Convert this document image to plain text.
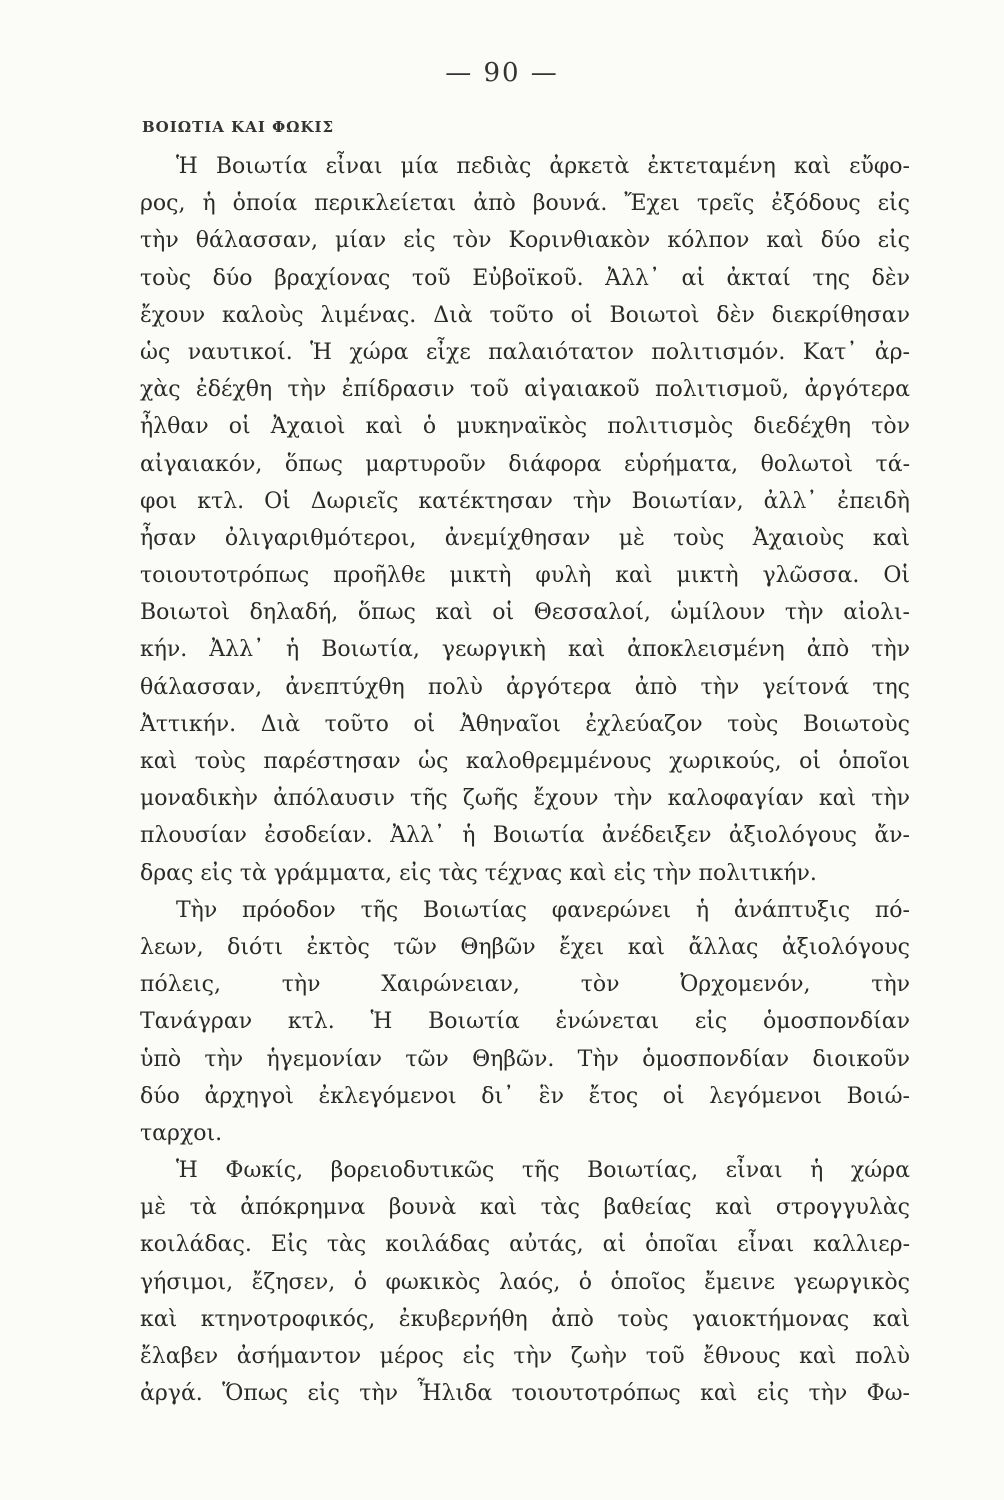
— 90 —
ΒΟΙΩΤΙΑ ΚΑΙ ΦΩΚΙΣ
Ἡ Βοιωτία εἶναι μία πεδιὰς ἀρκετὰ ἐκτεταμένη καὶ εὔφο-
ρος, ἡ ὁποία περικλείεται ἀπὸ βουνά. Ἔχει τρεῖς ἐξόδους εἰς
τὴν θάλασσαν, μίαν εἰς τὸν Κορινθιακὸν κόλπον καὶ δύο εἰς
τοὺς δύο βραχίονας τοῦ Εὐβοϊκοῦ. Ἀλλ᾽ αἱ ἀκταί της δὲν
ἔχουν καλοὺς λιμένας. Διὰ τοῦτο οἱ Βοιωτοὶ δὲν διεκρίθησαν
ὡς ναυτικοί. Ἡ χώρα εἶχε παλαιότατον πολιτισμόν. Κατ᾽ ἀρ-
χὰς ἐδέχθη τὴν ἐπίδρασιν τοῦ αἰγαιακοῦ πολιτισμοῦ, ἀργότερα
ἦλθαν οἱ Ἀχαιοὶ καὶ ὁ μυκηναϊκὸς πολιτισμὸς διεδέχθη τὸν
αἰγαιακόν, ὅπως μαρτυροῦν διάφορα εὑρήματα, θολωτοὶ τά-
φοι κτλ. Οἱ Δωριεῖς κατέκτησαν τὴν Βοιωτίαν, ἀλλ᾽ ἐπειδὴ
ἦσαν ὀλιγαριθμότεροι, ἀνεμίχθησαν μὲ τοὺς Ἀχαιοὺς καὶ
τοιουτοτρόπως προῆλθε μικτὴ φυλὴ καὶ μικτὴ γλῶσσα. Οἱ
Βοιωτοὶ δηλαδή, ὅπως καὶ οἱ Θεσσαλοί, ὡμίλουν τὴν αἰολι-
κήν. Ἀλλ᾽ ἡ Βοιωτία, γεωργικὴ καὶ ἀποκλεισμένη ἀπὸ τὴν
θάλασσαν, ἀνεπτύχθη πολὺ ἀργότερα ἀπὸ τὴν γείτονά της
Ἀττικήν. Διὰ τοῦτο οἱ Ἀθηναῖοι ἐχλεύαζον τοὺς Βοιωτοὺς
καὶ τοὺς παρέστησαν ὡς καλοθρεμμένους χωρικούς, οἱ ὁποῖοι
μοναδικὴν ἀπόλαυσιν τῆς ζωῆς ἔχουν τὴν καλοφαγίαν καὶ τὴν
πλουσίαν ἐσοδείαν. Ἀλλ᾽ ἡ Βοιωτία ἀνέδειξεν ἀξιολόγους ἄν-
δρας εἰς τὰ γράμματα, εἰς τὰς τέχνας καὶ εἰς τὴν πολιτικήν.
Τὴν πρόοδον τῆς Βοιωτίας φανερώνει ἡ ἀνάπτυξις πό-
λεων, διότι ἐκτὸς τῶν Θηβῶν ἔχει καὶ ἄλλας ἀξιολόγους
πόλεις, τὴν Χαιρώνειαν, τὸν Ὀρχομενόν, τὴν
Τανάγραν κτλ. Ἡ Βοιωτία ἑνώνεται εἰς ὁμοσπονδίαν
ὑπὸ τὴν ἡγεμονίαν τῶν Θηβῶν. Τὴν ὁμοσπονδίαν διοικοῦν
δύο ἀρχηγοὶ ἐκλεγόμενοι δι᾽ ἓν ἔτος οἱ λεγόμενοι Βοιώ-
ταρχοι.
Ἡ Φωκίς, βορειοδυτικῶς τῆς Βοιωτίας, εἶναι ἡ χώρα
μὲ τὰ ἀπόκρημνα βουνὰ καὶ τὰς βαθείας καὶ στρογγυλὰς
κοιλάδας. Εἰς τὰς κοιλάδας αὐτάς, αἱ ὁποῖαι εἶναι καλλιερ-
γήσιμοι, ἔζησεν, ὁ φωκικὸς λαός, ὁ ὁποῖος ἔμεινε γεωργικὸς
καὶ κτηνοτροφικός, ἐκυβερνήθη ἀπὸ τοὺς γαιοκτήμονας καὶ
ἔλαβεν ἀσήμαντον μέρος εἰς τὴν ζωὴν τοῦ ἔθνους καὶ πολὺ
ἀργά. Ὅπως εἰς τὴν Ἦλιδα τοιουτοτρόπως καὶ εἰς τὴν Φω-
